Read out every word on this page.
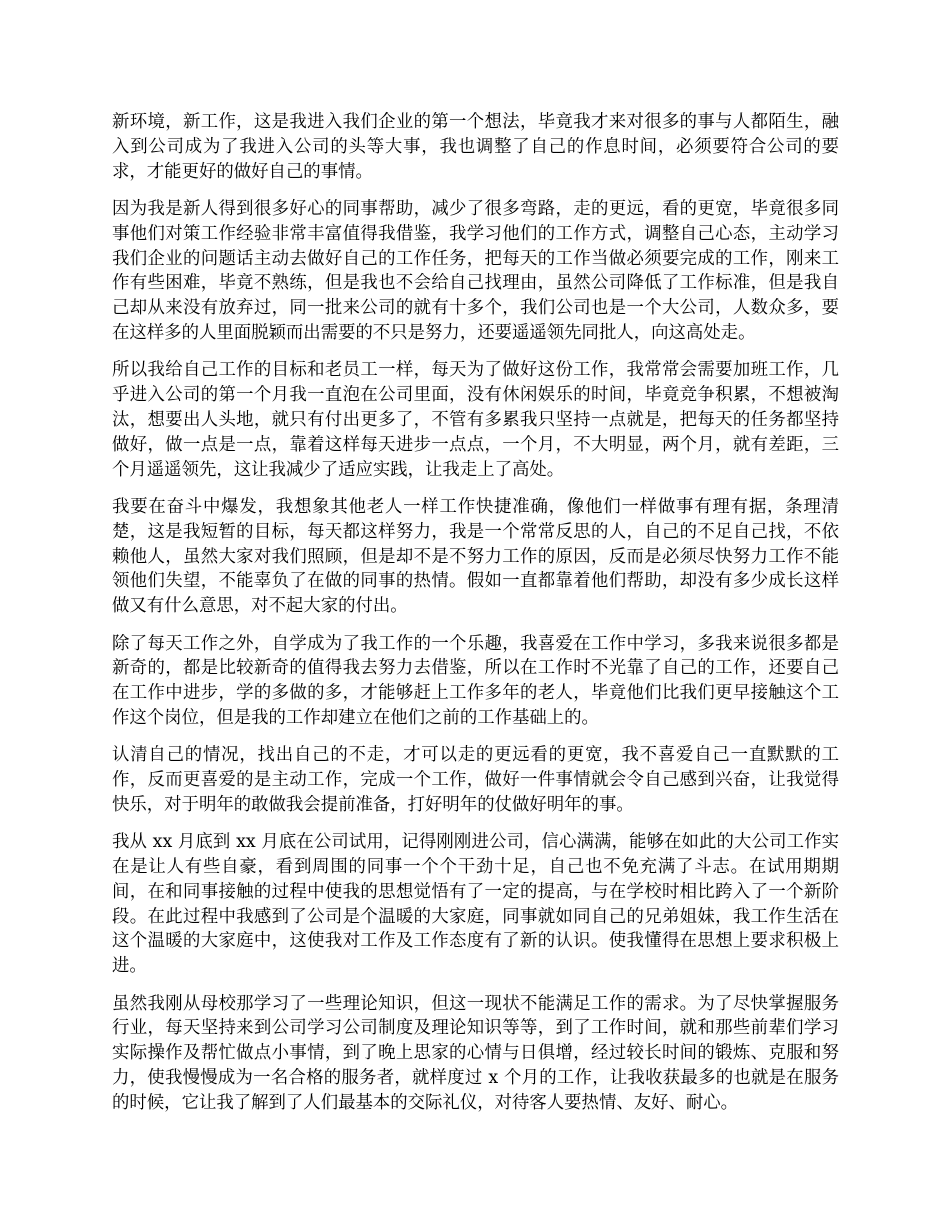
新环境，新工作，这是我进入我们企业的第一个想法，毕竟我才来对很多的事与人都陌生，融入到公司成为了我进入公司的头等大事，我也调整了自己的作息时间，必须要符合公司的要求，才能更好的做好自己的事情。

因为我是新人得到很多好心的同事帮助，减少了很多弯路，走的更远，看的更宽，毕竟很多同事他们对策工作经验非常丰富值得我借鉴，我学习他们的工作方式，调整自己心态，主动学习我们企业的问题话主动去做好自己的工作任务，把每天的工作当做必须要完成的工作，刚来工作有些困难，毕竟不熟练，但是我也不会给自己找理由，虽然公司降低了工作标准，但是我自己却从来没有放弃过，同一批来公司的就有十多个，我们公司也是一个大公司，人数众多，要在这样多的人里面脱颖而出需要的不只是努力，还要遥遥领先同批人，向这高处走。

所以我给自己工作的目标和老员工一样，每天为了做好这份工作，我常常会需要加班工作，几乎进入公司的第一个月我一直泡在公司里面，没有休闲娱乐的时间，毕竟竞争积累，不想被淘汰，想要出人头地，就只有付出更多了，不管有多累我只坚持一点就是，把每天的任务都坚持做好，做一点是一点，靠着这样每天进步一点点，一个月，不大明显，两个月，就有差距，三个月遥遥领先，这让我减少了适应实践，让我走上了高处。

我要在奋斗中爆发，我想象其他老人一样工作快捷准确，像他们一样做事有理有据，条理清楚，这是我短暂的目标，每天都这样努力，我是一个常常反思的人，自己的不足自己找，不依赖他人，虽然大家对我们照顾，但是却不是不努力工作的原因，反而是必须尽快努力工作不能领他们失望，不能辜负了在做的同事的热情。假如一直都靠着他们帮助，却没有多少成长这样做又有什么意思，对不起大家的付出。

除了每天工作之外，自学成为了我工作的一个乐趣，我喜爱在工作中学习，多我来说很多都是新奇的，都是比较新奇的值得我去努力去借鉴，所以在工作时不光靠了自己的工作，还要自己在工作中进步，学的多做的多，才能够赶上工作多年的老人，毕竟他们比我们更早接触这个工作这个岗位，但是我的工作却建立在他们之前的工作基础上的。

认清自己的情况，找出自己的不走，才可以走的更远看的更宽，我不喜爱自己一直默默的工作，反而更喜爱的是主动工作，完成一个工作，做好一件事情就会令自己感到兴奋，让我觉得快乐，对于明年的敢做我会提前准备，打好明年的仗做好明年的事。

我从 xx 月底到 xx 月底在公司试用，记得刚刚进公司，信心满满，能够在如此的大公司工作实在是让人有些自豪，看到周围的同事一个个干劲十足，自己也不免充满了斗志。在试用期期间，在和同事接触的过程中使我的思想觉悟有了一定的提高，与在学校时相比跨入了一个新阶段。在此过程中我感到了公司是个温暖的大家庭，同事就如同自己的兄弟姐妹，我工作生活在这个温暖的大家庭中，这使我对工作及工作态度有了新的认识。使我懂得在思想上要求积极上进。

虽然我刚从母校那学习了一些理论知识，但这一现状不能满足工作的需求。为了尽快掌握服务行业，每天坚持来到公司学习公司制度及理论知识等等，到了工作时间，就和那些前辈们学习实际操作及帮忙做点小事情，到了晚上思家的心情与日俱增，经过较长时间的锻炼、克服和努力，使我慢慢成为一名合格的服务者，就样度过 x 个月的工作，让我收获最多的也就是在服务的时候，它让我了解到了人们最基本的交际礼仪，对待客人要热情、友好、耐心。
